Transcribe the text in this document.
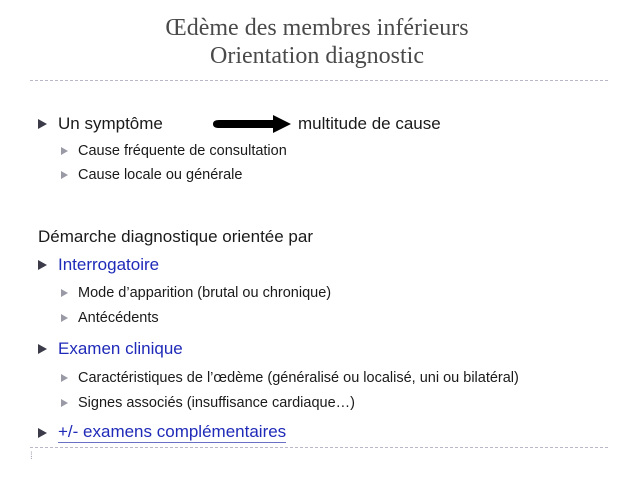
Œdème des membres inférieurs
Orientation diagnostic
Un symptôme	multitude de cause
Cause fréquente de consultation
Cause locale ou générale
Démarche diagnostique orientée par
Interrogatoire
Mode d’apparition (brutal ou chronique)
Antécédents
Examen clinique
Caractéristiques de l’œdème (généralisé ou localisé, uni ou bilatéral)
Signes associés (insuffisance cardiaque…)
+/- examens complémentaires
⁞
